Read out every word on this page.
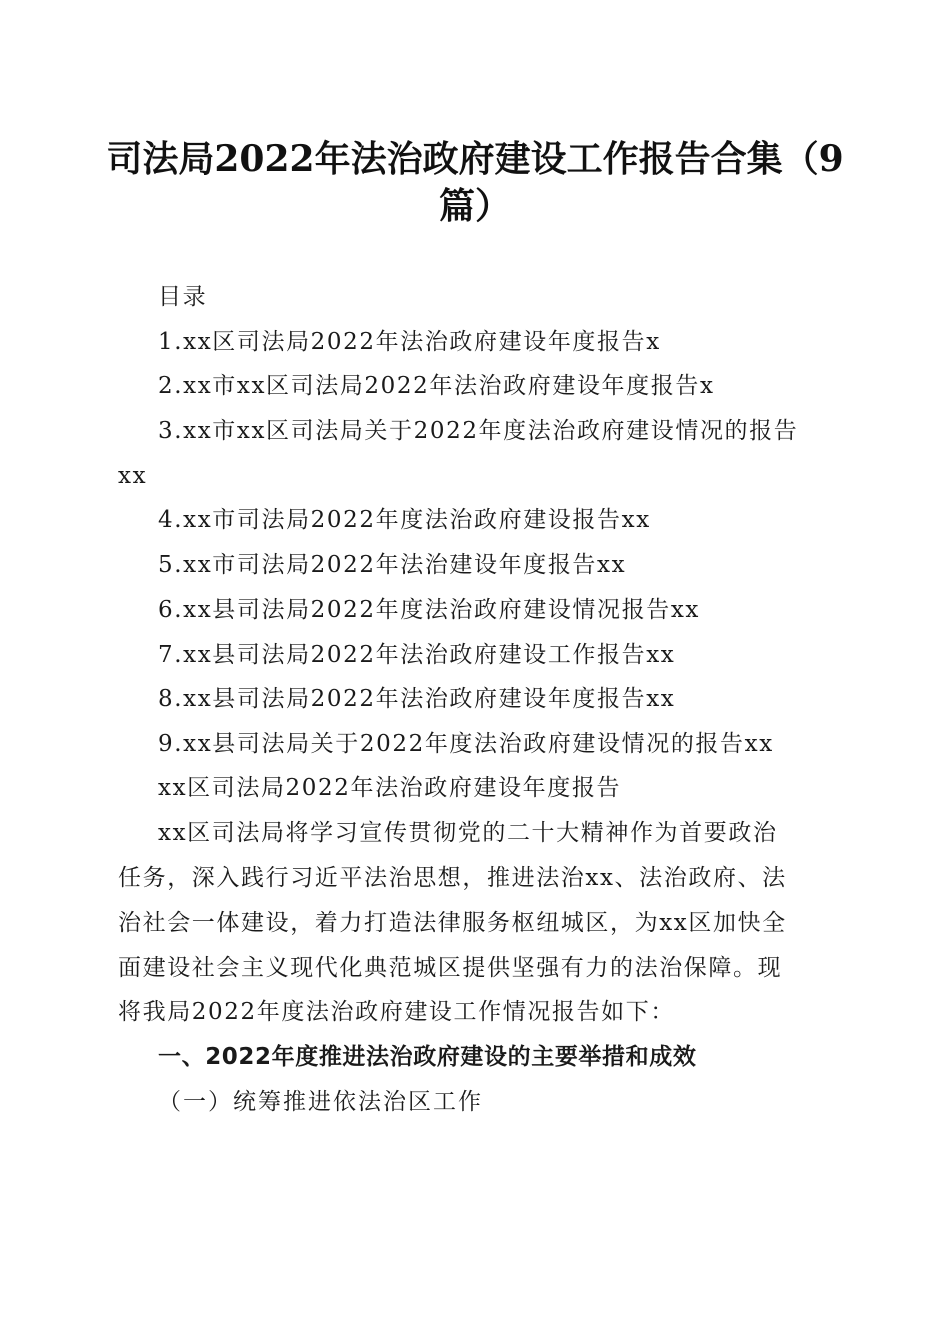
司法局2022年法治政府建设工作报告合集（9
篇）
目录
1.xx区司法局2022年法治政府建设年度报告x
2.xx市xx区司法局2022年法治政府建设年度报告x
3.xx市xx区司法局关于2022年度法治政府建设情况的报告
xx
4.xx市司法局2022年度法治政府建设报告xx
5.xx市司法局2022年法治建设年度报告xx
6.xx县司法局2022年度法治政府建设情况报告xx
7.xx县司法局2022年法治政府建设工作报告xx
8.xx县司法局2022年法治政府建设年度报告xx
9.xx县司法局关于2022年度法治政府建设情况的报告xx
xx区司法局2022年法治政府建设年度报告
xx区司法局将学习宣传贯彻党的二十大精神作为首要政治
任务，深入践行习近平法治思想，推进法治xx、法治政府、法
治社会一体建设，着力打造法律服务枢纽城区，为xx区加快全
面建设社会主义现代化典范城区提供坚强有力的法治保障。现
将我局2022年度法治政府建设工作情况报告如下：
一、2022年度推进法治政府建设的主要举措和成效
（一）统筹推进依法治区工作
